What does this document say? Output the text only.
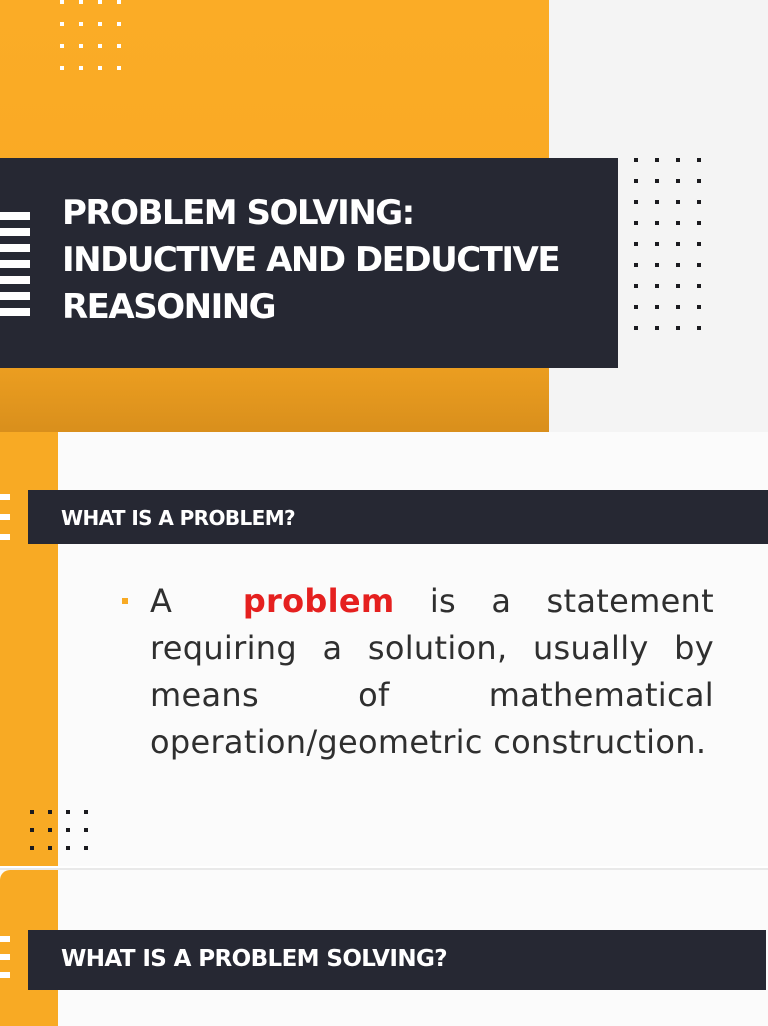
PROBLEM SOLVING:
INDUCTIVE AND DEDUCTIVE
REASONING
WHAT IS A PROBLEM?

A problem is a statement requiring a solution, usually by means of mathematical operation/geometric construction.

WHAT IS A PROBLEM SOLVING?
